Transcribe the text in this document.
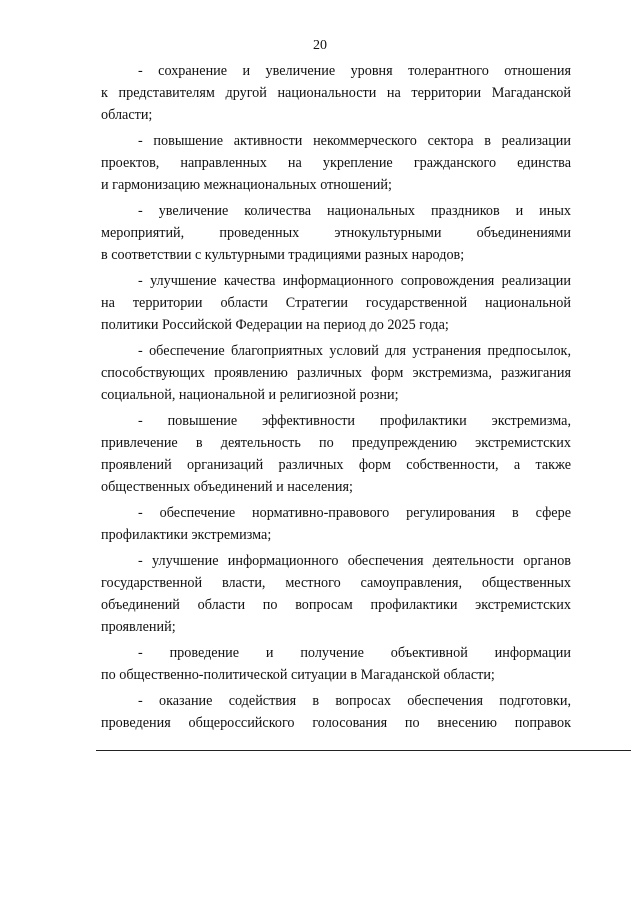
20
- сохранение и увеличение уровня толерантного отношения
к представителям другой национальности на территории Магаданской
области;
- повышение активности некоммерческого сектора в реализации
проектов, направленных на укрепление гражданского единства
и гармонизацию межнациональных отношений;
- увеличение количества национальных праздников и иных
мероприятий, проведенных этнокультурными объединениями
в соответствии с культурными традициями разных народов;
- улучшение качества информационного сопровождения реализации
на территории области Стратегии государственной национальной
политики Российской Федерации на период до 2025 года;
- обеспечение благоприятных условий для устранения предпосылок,
способствующих проявлению различных форм экстремизма, разжигания
социальной, национальной и религиозной розни;
- повышение эффективности профилактики экстремизма,
привлечение в деятельность по предупреждению экстремистских
проявлений организаций различных форм собственности, а также
общественных объединений и населения;
- обеспечение нормативно-правового регулирования в сфере
профилактики экстремизма;
- улучшение информационного обеспечения деятельности органов
государственной власти, местного самоуправления, общественных
объединений области по вопросам профилактики экстремистских
проявлений;
- проведение и получение объективной информации
по общественно-политической ситуации в Магаданской области;
- оказание содействия в вопросах обеспечения подготовки,
проведения общероссийского голосования по внесению поправок
